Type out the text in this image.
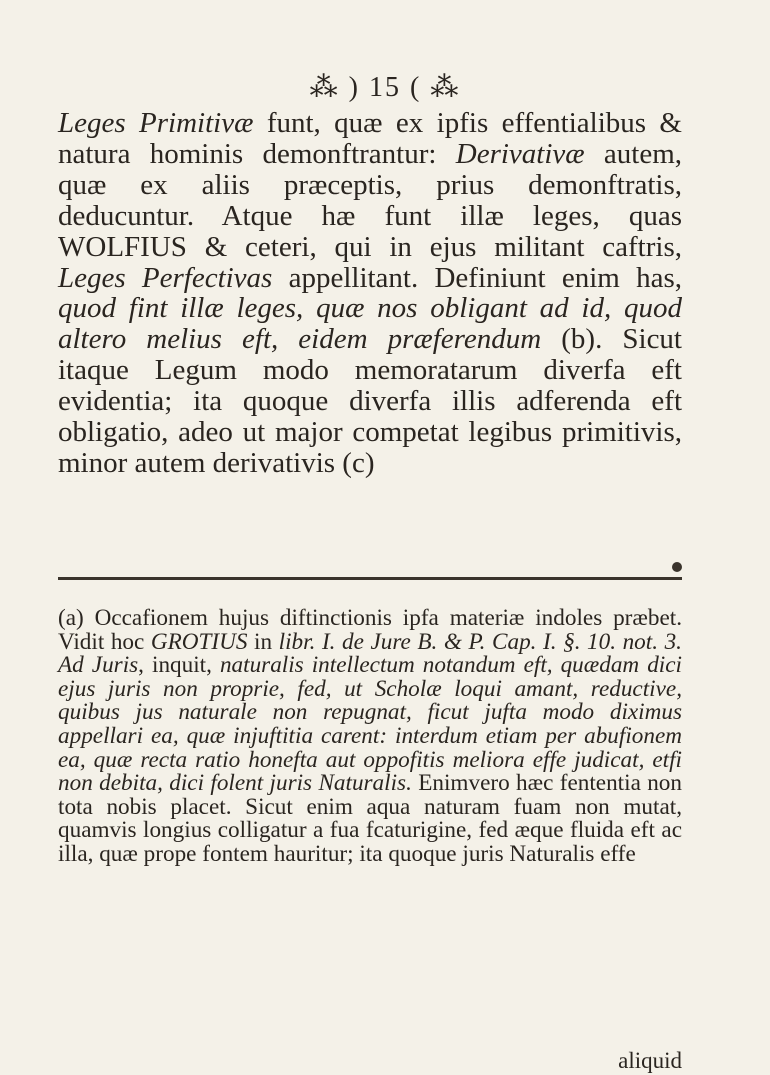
⁂ ) 15 ( ⁂

Leges Primitivæ funt, quæ ex ipfis effentialibus & natura hominis demonftrantur: Derivativæ autem, quæ ex aliis præceptis, prius demonftratis, deducuntur. Atque hæ funt illæ leges, quas WOLFIUS & ceteri, qui in ejus militant caftris, Leges Perfectivas appellitant. Definiunt enim has, quod fint illæ leges, quæ nos obligant ad id, quod altero melius eft, eidem præferendum (b). Sicut itaque Legum modo memoratarum diverfa eft evidentia; ita quoque diverfa illis adferenda eft obligatio, adeo ut major competat legibus primitivis, minor autem derivativis (c)

(a) Occafionem hujus diftinctionis ipfa materiæ indoles præbet. Vidit hoc GROTIUS in libr. I. de Jure B. & P. Cap. I. §. 10. not. 3. Ad Juris, inquit, naturalis intellectum notandum eft, quædam dici ejus juris non proprie, fed, ut Scholæ loqui amant, reductive, quibus jus naturale non repugnat, ficut jufta modo diximus appellari ea, quæ injuftitia carent: interdum etiam per abufionem ea, quæ recta ratio honefta aut oppofitis meliora effe judicat, etfi non debita, dici folent juris Naturalis. Enimvero hæc fententia non tota nobis placet. Sicut enim aqua naturam fuam non mutat, quamvis longius colligatur a fua fcaturigine, fed æque fluida eft ac illa, quæ prope fontem hauritur; ita quoque juris Naturalis effe

aliquid
